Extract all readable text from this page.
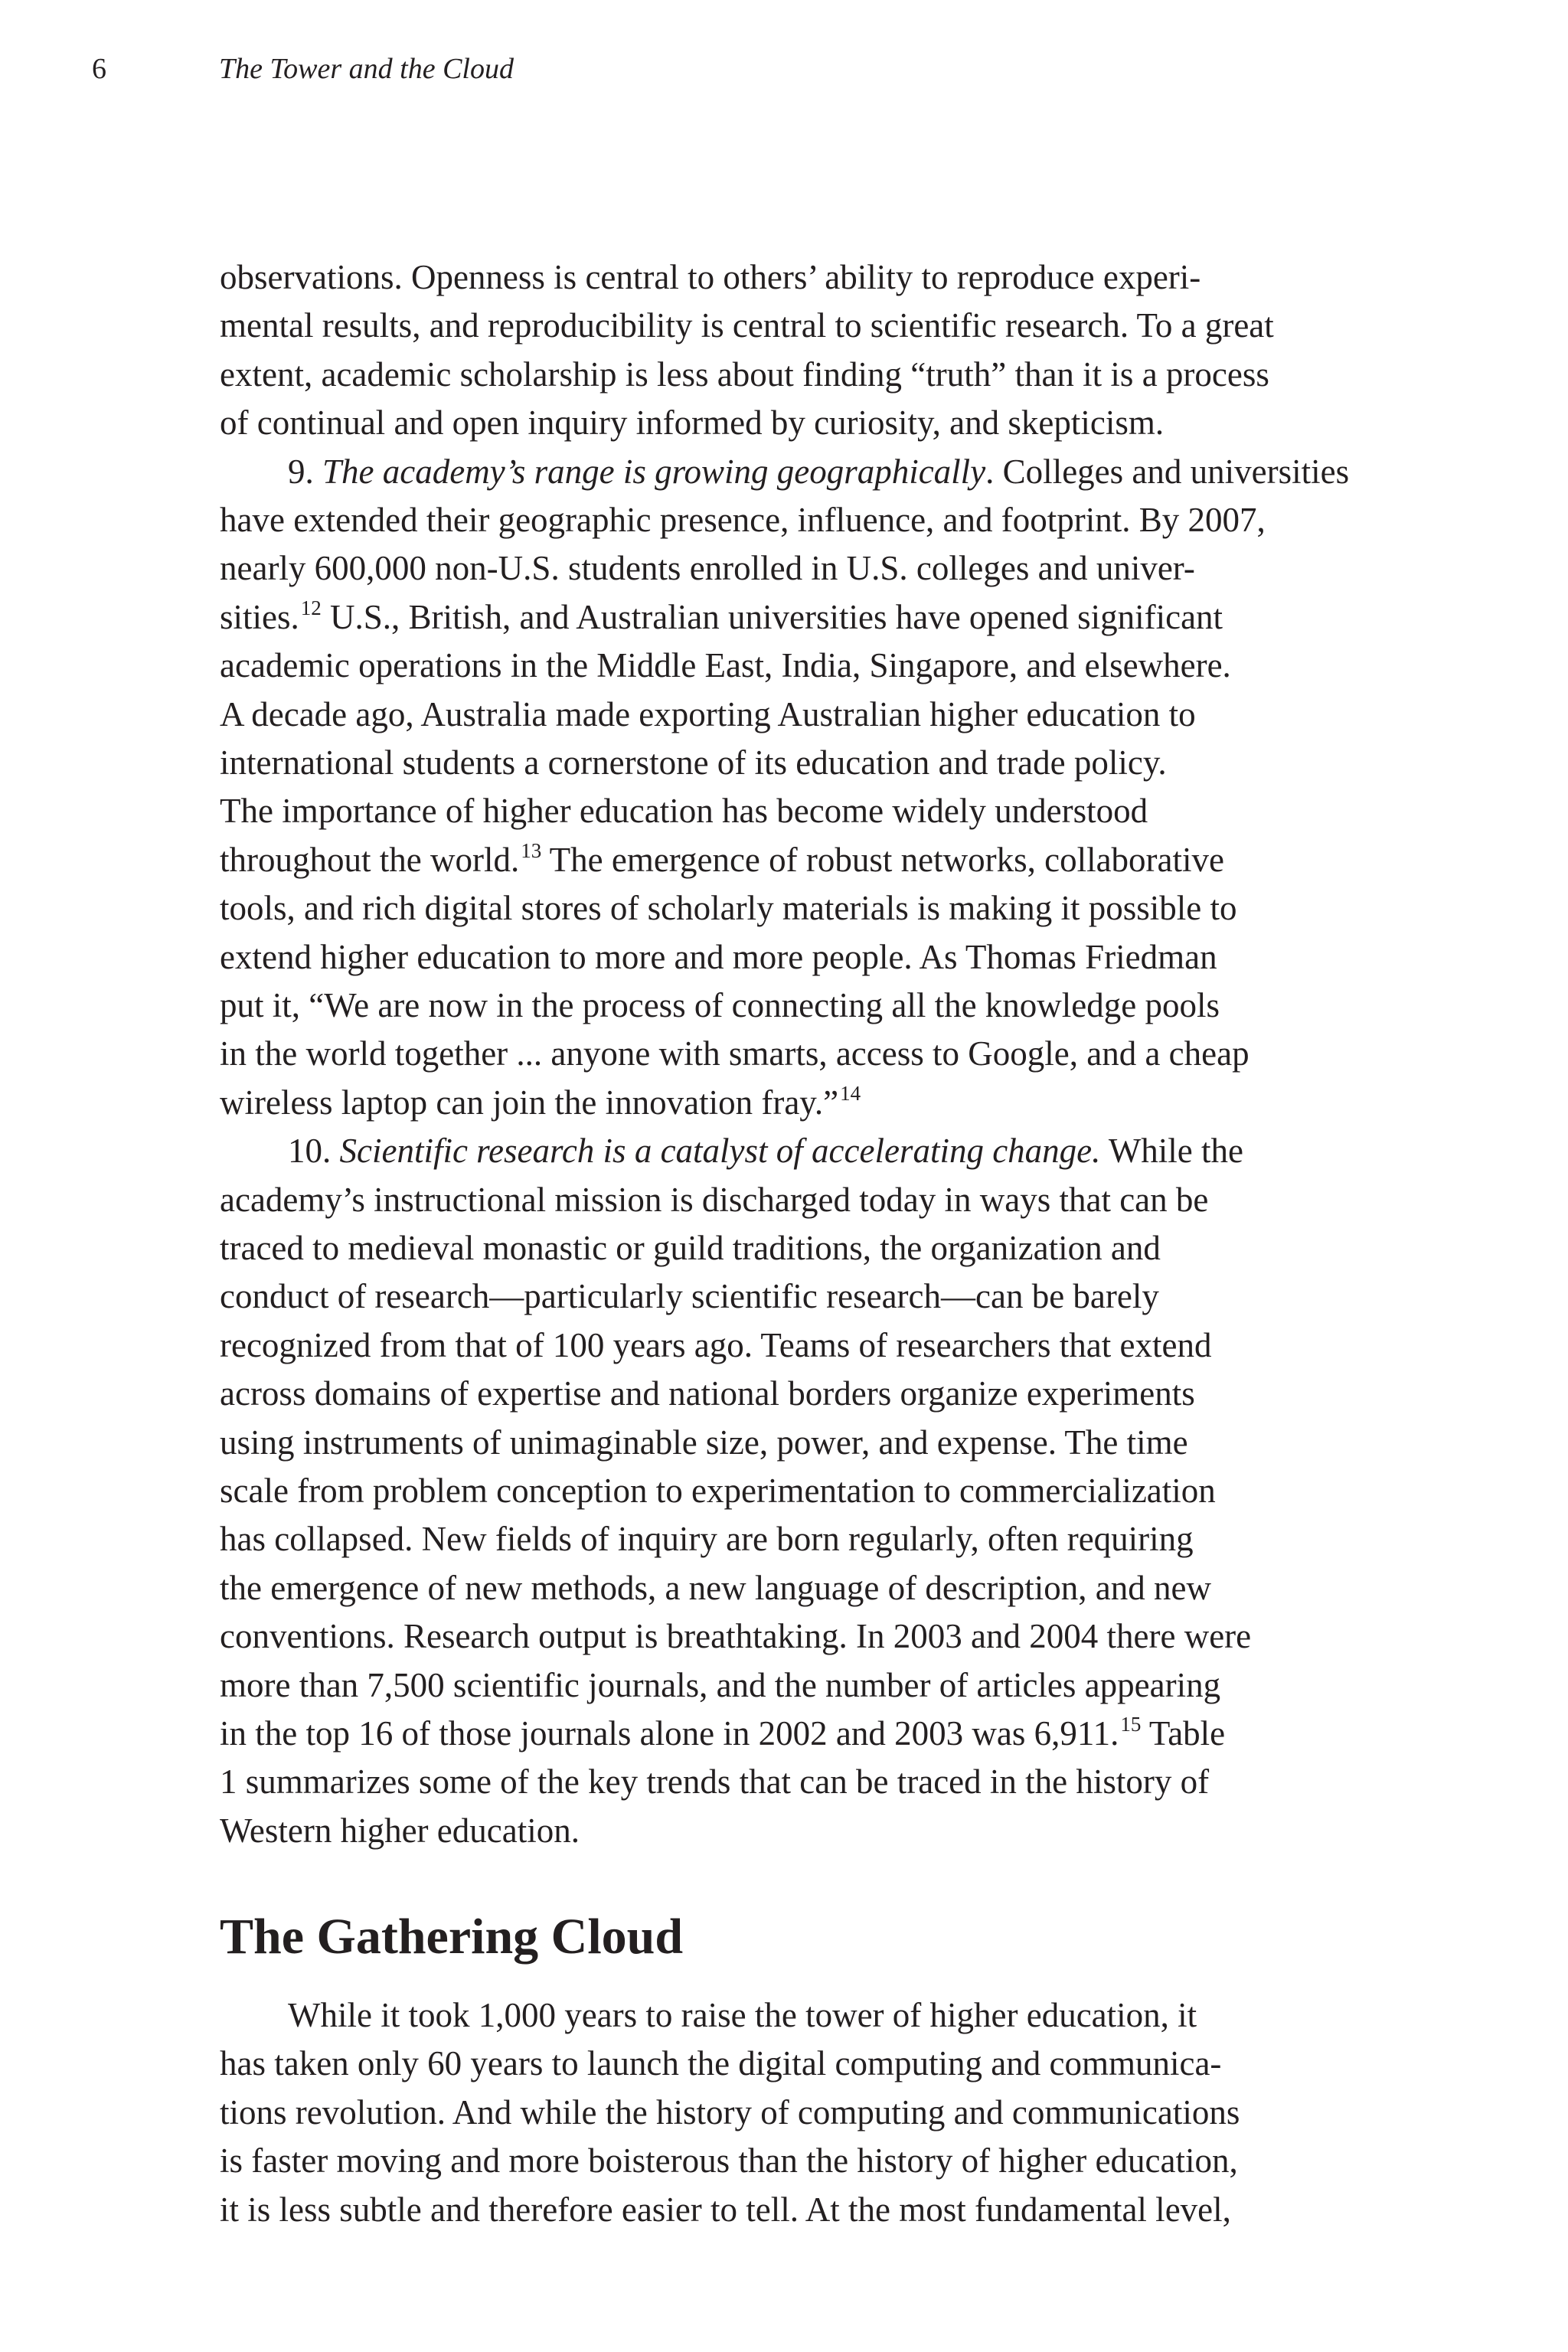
6	The Tower and the Cloud
observations. Openness is central to others’ ability to reproduce experi-
mental results, and reproducibility is central to scientific research. To a great
extent, academic scholarship is less about finding “truth” than it is a process
of continual and open inquiry informed by curiosity, and skepticism.
9. The academy’s range is growing geographically. Colleges and universities
have extended their geographic presence, influence, and footprint. By 2007,
nearly 600,000 non-U.S. students enrolled in U.S. colleges and univer-
sities.$^{12}$ U.S., British, and Australian universities have opened significant
academic operations in the Middle East, India, Singapore, and elsewhere.
A decade ago, Australia made exporting Australian higher education to
international students a cornerstone of its education and trade policy.
The importance of higher education has become widely understood
throughout the world.$^{13}$ The emergence of robust networks, collaborative
tools, and rich digital stores of scholarly materials is making it possible to
extend higher education to more and more people. As Thomas Friedman
put it, “We are now in the process of connecting all the knowledge pools
in the world together ... anyone with smarts, access to Google, and a cheap
wireless laptop can join the innovation fray.”$^{14}$
10. Scientific research is a catalyst of accelerating change. While the
academy’s instructional mission is discharged today in ways that can be
traced to medieval monastic or guild traditions, the organization and
conduct of research—particularly scientific research—can be barely
recognized from that of 100 years ago. Teams of researchers that extend
across domains of expertise and national borders organize experiments
using instruments of unimaginable size, power, and expense. The time
scale from problem conception to experimentation to commercialization
has collapsed. New fields of inquiry are born regularly, often requiring
the emergence of new methods, a new language of description, and new
conventions. Research output is breathtaking. In 2003 and 2004 there were
more than 7,500 scientific journals, and the number of articles appearing
in the top 16 of those journals alone in 2002 and 2003 was 6,911.15 Table
1 summarizes some of the key trends that can be traced in the history of
Western higher education.
The Gathering Cloud
While it took 1,000 years to raise the tower of higher education, it
has taken only 60 years to launch the digital computing and communica-
tions revolution. And while the history of computing and communications
is faster moving and more boisterous than the history of higher education,
it is less subtle and therefore easier to tell. At the most fundamental level,
